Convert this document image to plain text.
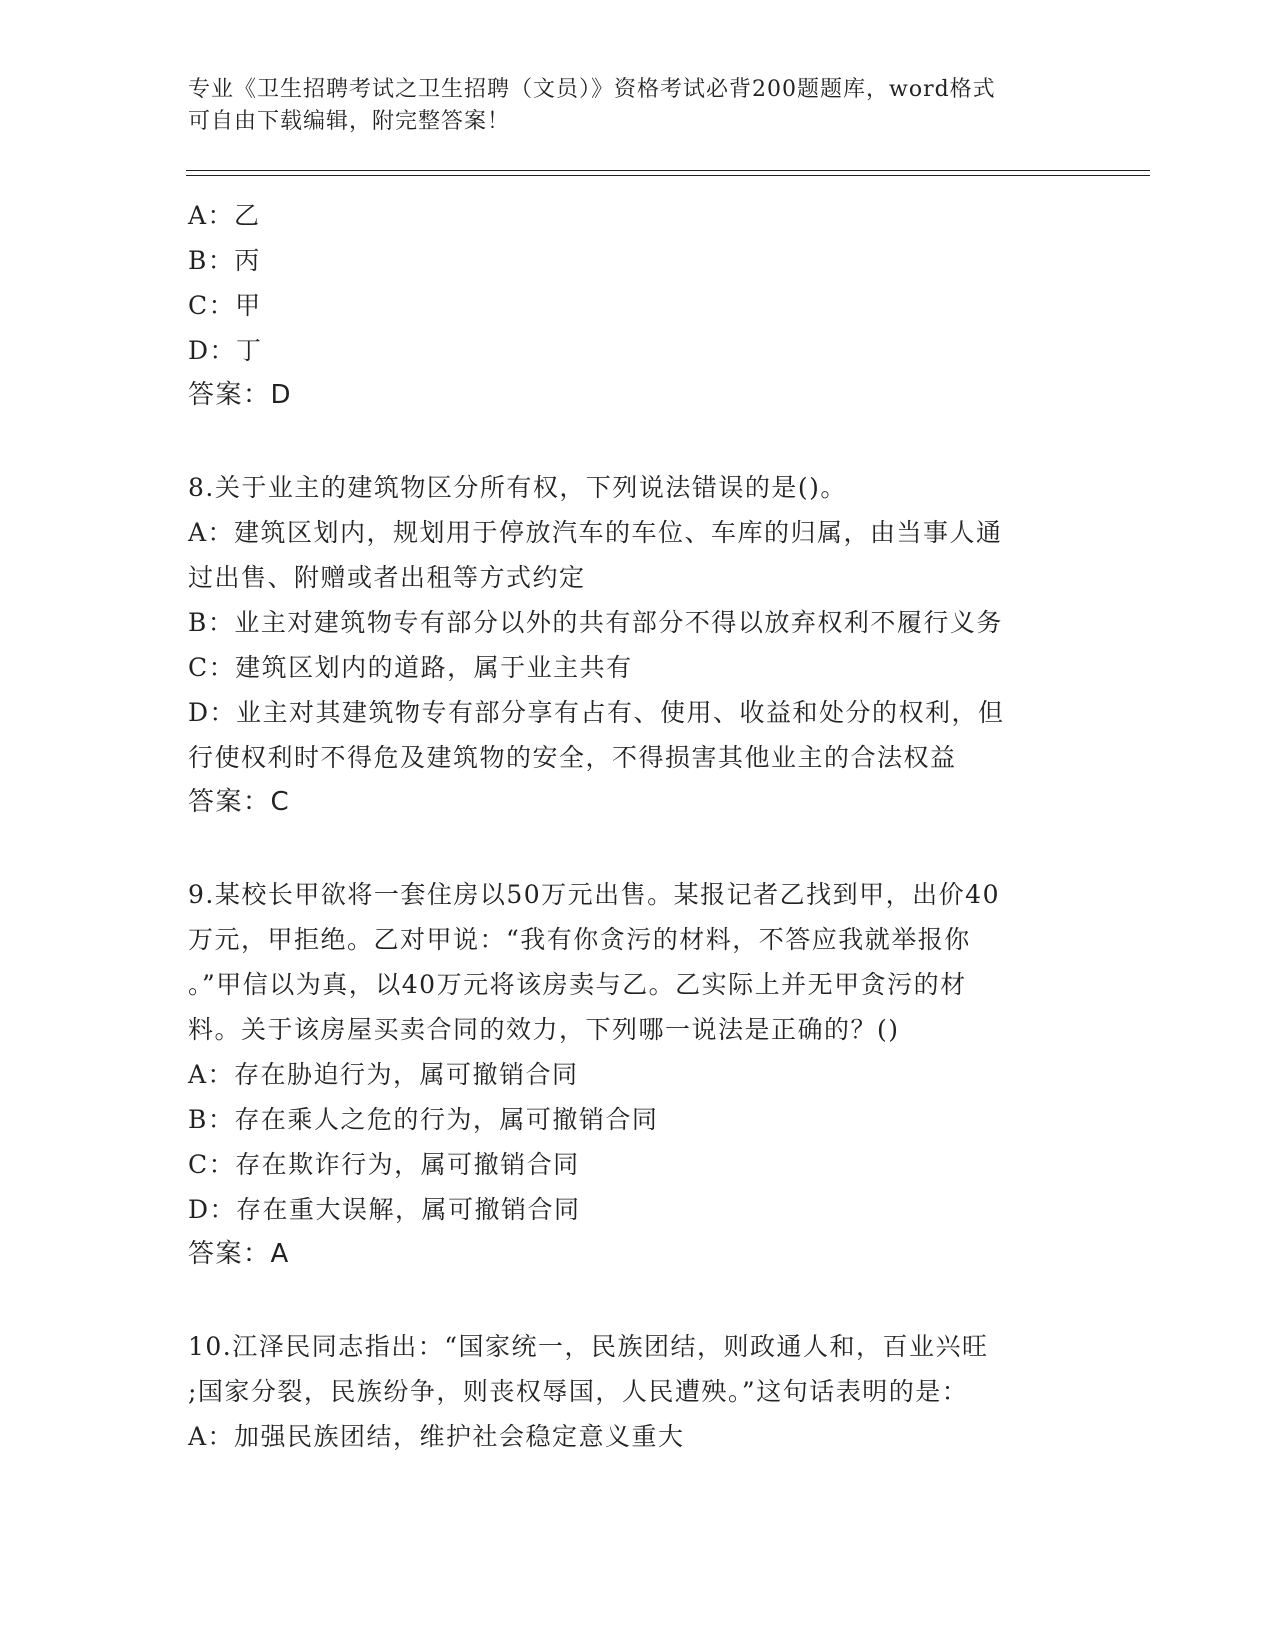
专业《卫生招聘考试之卫生招聘（文员）》资格考试必背200题题库，word格式
可自由下载编辑，附完整答案！
A：乙
B：丙
C：甲
D：丁
答案：D
8.关于业主的建筑物区分所有权，下列说法错误的是()。
A：建筑区划内，规划用于停放汽车的车位、车库的归属，由当事人通
过出售、附赠或者出租等方式约定
B：业主对建筑物专有部分以外的共有部分不得以放弃权利不履行义务
C：建筑区划内的道路，属于业主共有
D：业主对其建筑物专有部分享有占有、使用、收益和处分的权利，但
行使权利时不得危及建筑物的安全，不得损害其他业主的合法权益
答案：C
9.某校长甲欲将一套住房以50万元出售。某报记者乙找到甲，出价40
万元，甲拒绝。乙对甲说：“我有你贪污的材料，不答应我就举报你
。”甲信以为真，以40万元将该房卖与乙。乙实际上并无甲贪污的材
料。关于该房屋买卖合同的效力，下列哪一说法是正确的？()
A：存在胁迫行为，属可撤销合同
B：存在乘人之危的行为，属可撤销合同
C：存在欺诈行为，属可撤销合同
D：存在重大误解，属可撤销合同
答案：A
10.江泽民同志指出：“国家统一，民族团结，则政通人和，百业兴旺
;国家分裂，民族纷争，则丧权辱国，人民遭殃。”这句话表明的是：
A：加强民族团结，维护社会稳定意义重大
